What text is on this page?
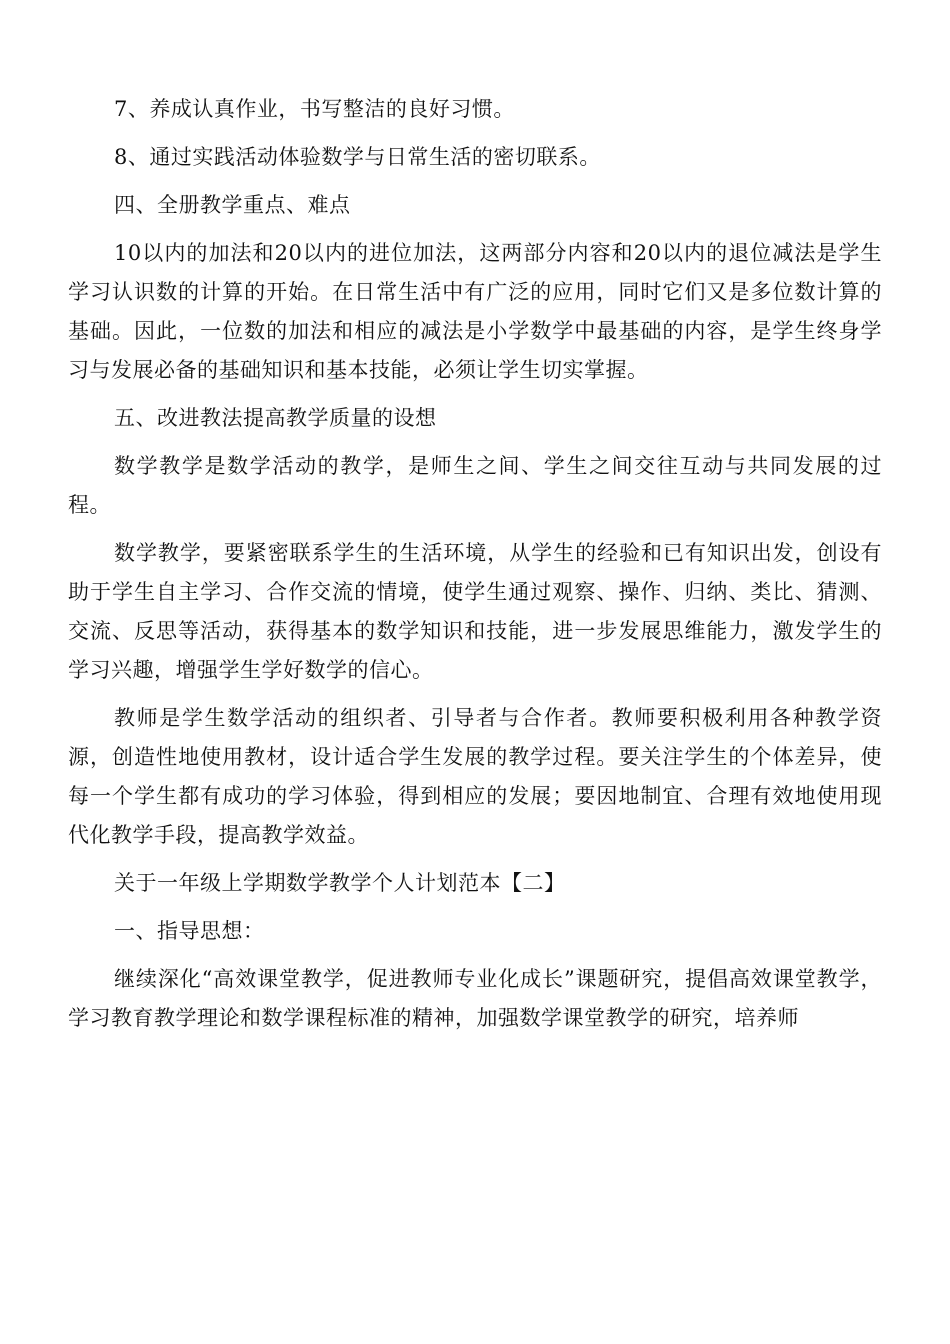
7、养成认真作业，书写整洁的良好习惯。

8、通过实践活动体验数学与日常生活的密切联系。

四、全册教学重点、难点

10以内的加法和20以内的进位加法，这两部分内容和20以内的退位减法是学生学习认识数的计算的开始。在日常生活中有广泛的应用，同时它们又是多位数计算的基础。因此，一位数的加法和相应的减法是小学数学中最基础的内容，是学生终身学习与发展必备的基础知识和基本技能，必须让学生切实掌握。

五、改进教法提高教学质量的设想

数学教学是数学活动的教学，是师生之间、学生之间交往互动与共同发展的过程。

数学教学，要紧密联系学生的生活环境，从学生的经验和已有知识出发，创设有助于学生自主学习、合作交流的情境，使学生通过观察、操作、归纳、类比、猜测、交流、反思等活动，获得基本的数学知识和技能，进一步发展思维能力，激发学生的学习兴趣，增强学生学好数学的信心。

教师是学生数学活动的组织者、引导者与合作者。教师要积极利用各种教学资源，创造性地使用教材，设计适合学生发展的教学过程。要关注学生的个体差异，使每一个学生都有成功的学习体验，得到相应的发展；要因地制宜、合理有效地使用现代化教学手段，提高教学效益。

关于一年级上学期数学教学个人计划范本【二】

一、指导思想：

继续深化“高效课堂教学，促进教师专业化成长”课题研究，提倡高效课堂教学，学习教育教学理论和数学课程标准的精神，加强数学课堂教学的研究，培养师
